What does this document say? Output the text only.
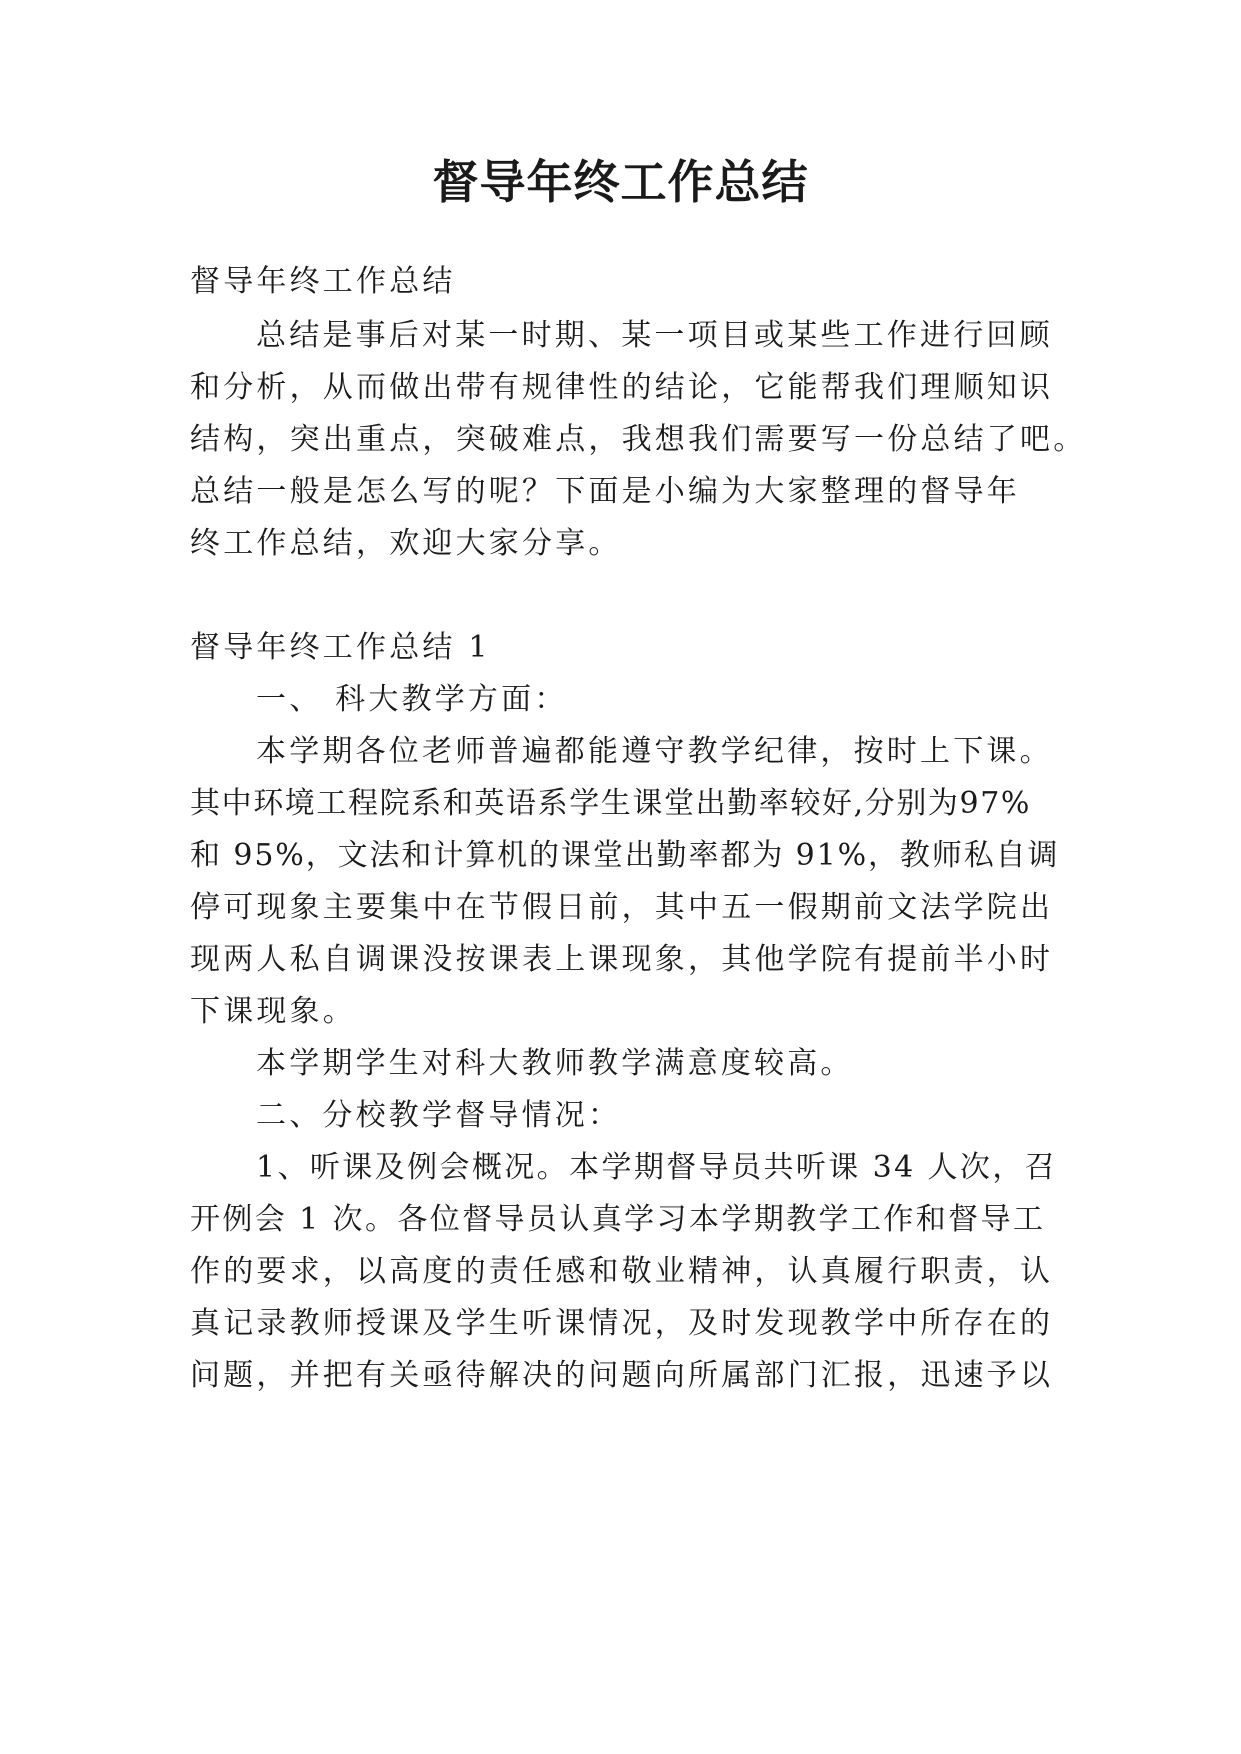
督导年终工作总结

督导年终工作总结

总结是事后对某一时期、某一项目或某些工作进行回顾

和分析，从而做出带有规律性的结论，它能帮我们理顺知识

结构，突出重点，突破难点，我想我们需要写一份总结了吧。

总结一般是怎么写的呢？下面是小编为大家整理的督导年

终工作总结，欢迎大家分享。

督导年终工作总结 1

一、 科大教学方面：

本学期各位老师普遍都能遵守教学纪律，按时上下课。

其中环境工程院系和英语系学生课堂出勤率较好,分别为97%

和 95%，文法和计算机的课堂出勤率都为 91%，教师私自调

停可现象主要集中在节假日前，其中五一假期前文法学院出

现两人私自调课没按课表上课现象，其他学院有提前半小时

下课现象。

本学期学生对科大教师教学满意度较高。

二、分校教学督导情况：

1、听课及例会概况。本学期督导员共听课 34 人次，召

开例会 1 次。各位督导员认真学习本学期教学工作和督导工

作的要求，以高度的责任感和敬业精神，认真履行职责，认

真记录教师授课及学生听课情况，及时发现教学中所存在的

问题，并把有关亟待解决的问题向所属部门汇报，迅速予以
